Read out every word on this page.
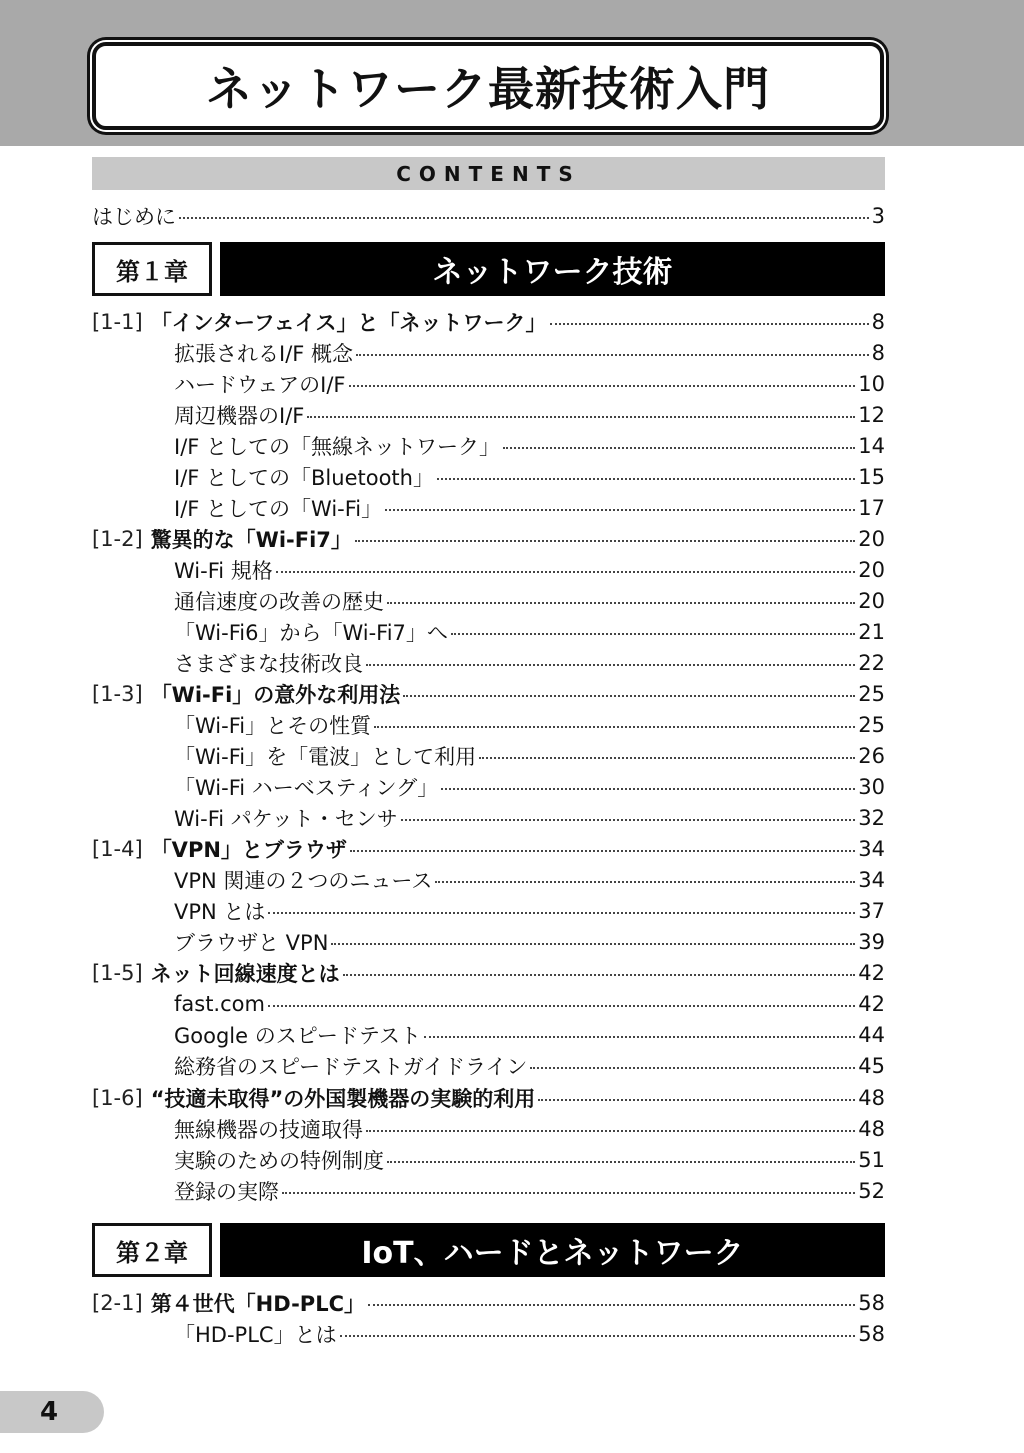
ネットワーク最新技術入門
CONTENTS
はじめに	3
第１章	ネットワーク技術
[1-1] 「インターフェイス」と「ネットワーク」	8
拡張されるI/F 概念	8
ハードウェアのI/F	10
周辺機器のI/F	12
I/F としての「無線ネットワーク」	14
I/F としての「Bluetooth」	15
I/F としての「Wi-Fi」	17
[1-2] 驚異的な「Wi-Fi7」	20
Wi-Fi 規格	20
通信速度の改善の歴史	20
「Wi-Fi6」から「Wi-Fi7」へ	21
さまざまな技術改良	22
[1-3] 「Wi-Fi」の意外な利用法	25
「Wi-Fi」とその性質	25
「Wi-Fi」を「電波」として利用	26
「Wi-Fi ハーベスティング」	30
Wi-Fi パケット・センサ	32
[1-4] 「VPN」とブラウザ	34
VPN 関連の２つのニュース	34
VPN とは	37
ブラウザと VPN	39
[1-5] ネット回線速度とは	42
fast.com	42
Google のスピードテスト	44
総務省のスピードテストガイドライン	45
[1-6] “技適未取得”の外国製機器の実験的利用	48
無線機器の技適取得	48
実験のための特例制度	51
登録の実際	52
第２章	IoT、ハードとネットワーク
[2-1] 第４世代「HD-PLC」	58
「HD-PLC」とは	58
4
